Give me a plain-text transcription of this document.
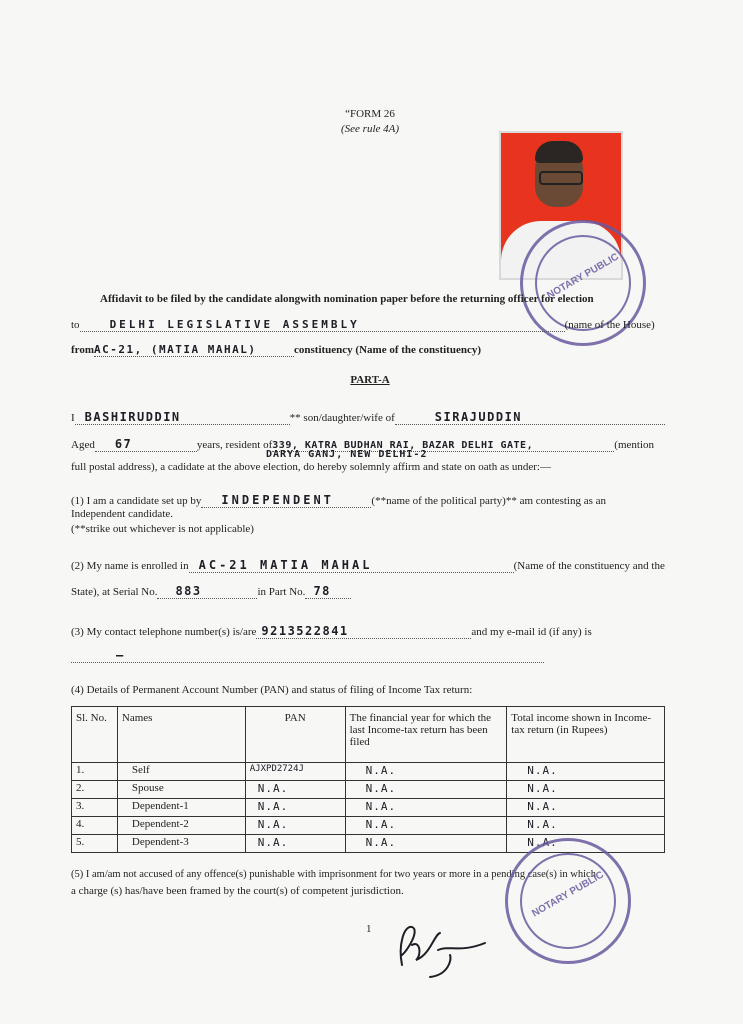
“FORM 26
(See rule 4A)
NOTARY PUBLIC
Affidavit to be filed by the candidate alongwith nomination paper before the returning officer for election
to	DELHI LEGISLATIVE ASSEMBLY	(name of the House)
fromAC-21, (MATIA MAHAL)	constituency (Name of the constituency)
PART-A
I BASHIRUDDIN	** son/daughter/wife of	SIRAJUDDIN
Aged 67	years, resident of339, KATRA BUDHAN RAI, BAZAR DELHI GATE,	(mention
DARYA GANJ, NEW DELHI-2
full postal address), a cadidate at the above election, do hereby solemnly affirm and state on oath as under:—
(1) I am a candidate set up by INDEPENDENT	(**name of the political party)** am contesting as an
Independent candidate.
(**strike out whichever is not applicable)
(2) My name is enrolled in AC-21 MATIA MAHAL	(Name of the constituency and the
State), at Serial No. 883	in Part No. 78
(3) My contact telephone number(s) is/are 9213522841	and my e-mail id (if any) is
—
(4) Details of Permanent Account Number (PAN) and status of filing of Income Tax return:
Sl. No.	Names	PAN	The financial year for which the last Income-tax return has been filed	Total income shown in Income-tax return (in Rupees)
1.	Self	AJXPD2724J	N.A.	N.A.
2.	Spouse	N.A.	N.A.	N.A.
3.	Dependent-1	N.A.	N.A.	N.A.
4.	Dependent-2	N.A.	N.A.	N.A.
5.	Dependent-3	N.A.	N.A.	N.A.
(5) I am/am not accused of any offence(s) punishable with imprisonment for two years or more in a pending case(s) in which
a charge (s) has/have been framed by the court(s) of competent jurisdiction.	NOTARY PUBLIC
1
